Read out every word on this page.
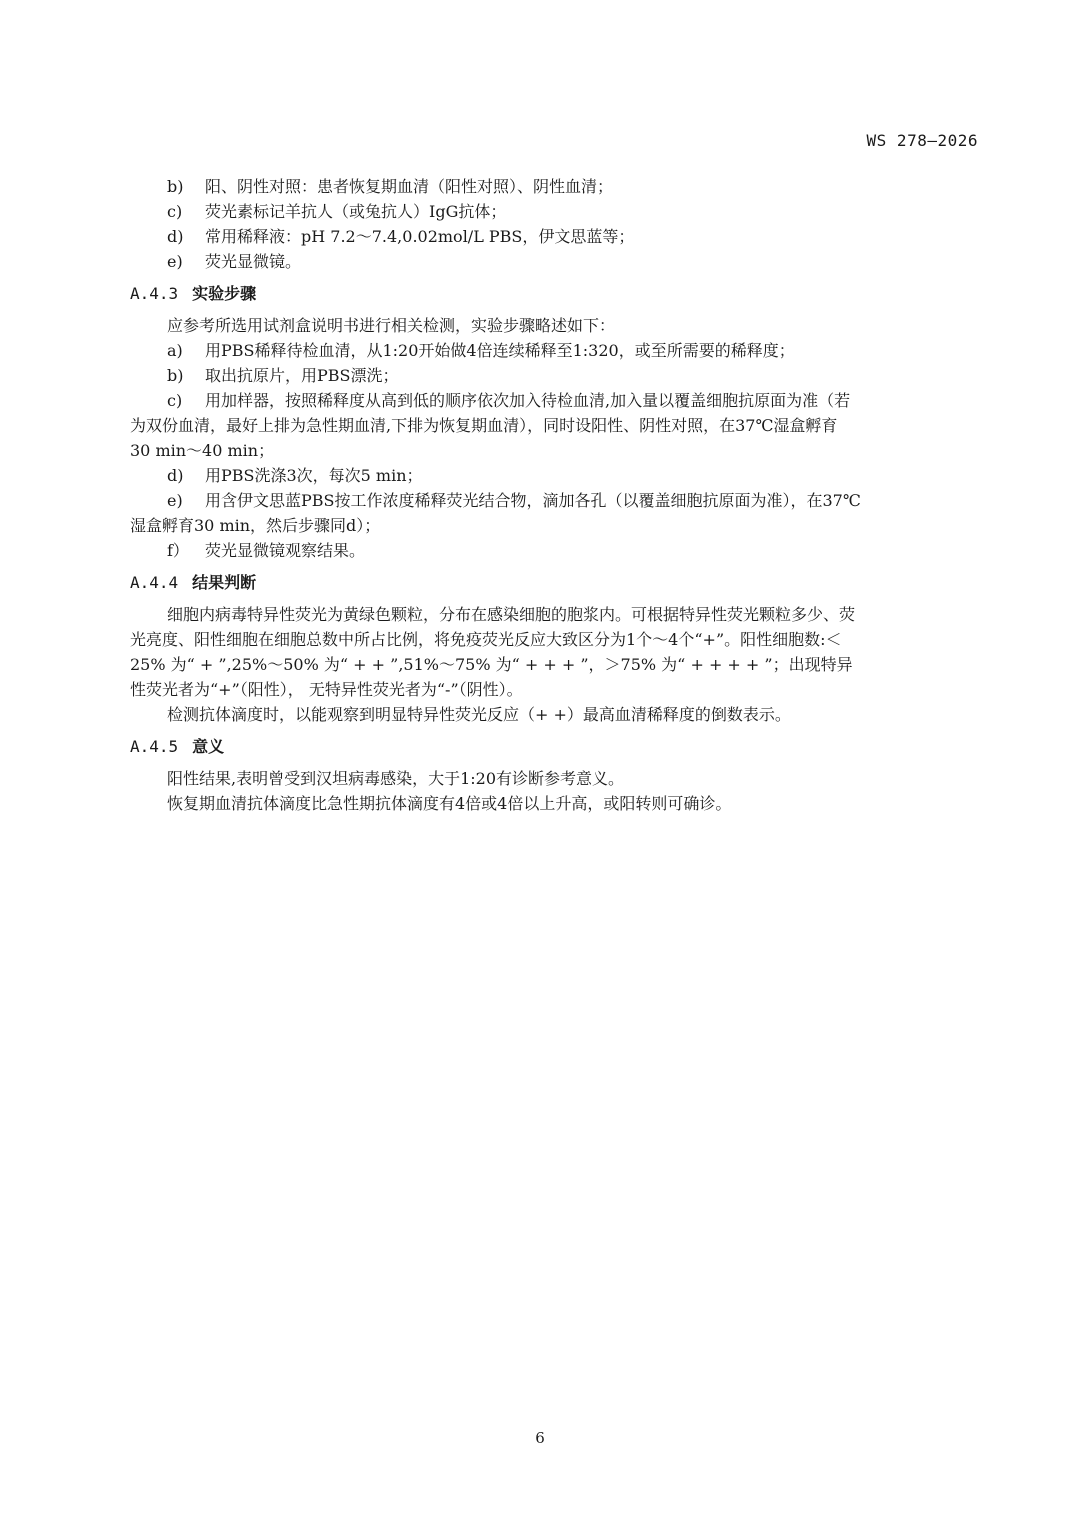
WS 278—2026
b) 阳、阴性对照：患者恢复期血清（阳性对照）、阴性血清；
c) 荧光素标记羊抗人（或兔抗人）IgG抗体；
d) 常用稀释液：pH 7.2～7.4,0.02mol/L PBS，伊文思蓝等；
e) 荧光显微镜。
A.4.3 实验步骤
应参考所选用试剂盒说明书进行相关检测，实验步骤略述如下：
a) 用PBS稀释待检血清，从1:20开始做4倍连续稀释至1:320，或至所需要的稀释度；
b) 取出抗原片，用PBS漂洗；
c) 用加样器，按照稀释度从高到低的顺序依次加入待检血清,加入量以覆盖细胞抗原面为准（若
为双份血清，最好上排为急性期血清,下排为恢复期血清），同时设阳性、阴性对照，在37℃湿盒孵育
30 min～40 min；
d) 用PBS洗涤3次，每次5 min；
e) 用含伊文思蓝PBS按工作浓度稀释荧光结合物，滴加各孔（以覆盖细胞抗原面为准），在37℃
湿盒孵育30 min，然后步骤同d）；
f） 荧光显微镜观察结果。
A.4.4 结果判断
细胞内病毒特异性荧光为黄绿色颗粒，分布在感染细胞的胞浆内。可根据特异性荧光颗粒多少、荧
光亮度、阳性细胞在细胞总数中所占比例，将免疫荧光反应大致区分为1个～4个“+”。阳性细胞数:＜
25% 为“ + ”,25%～50% 为“ + + ”,51%～75% 为“ + + + ”，＞75% 为“ + + + + ”；出现特异
性荧光者为“+”（阳性）， 无特异性荧光者为“-”（阴性）。
检测抗体滴度时，以能观察到明显特异性荧光反应（+ +）最高血清稀释度的倒数表示。
A.4.5 意义
阳性结果,表明曾受到汉坦病毒感染，大于1:20有诊断参考意义。
恢复期血清抗体滴度比急性期抗体滴度有4倍或4倍以上升高，或阳转则可确诊。
6
